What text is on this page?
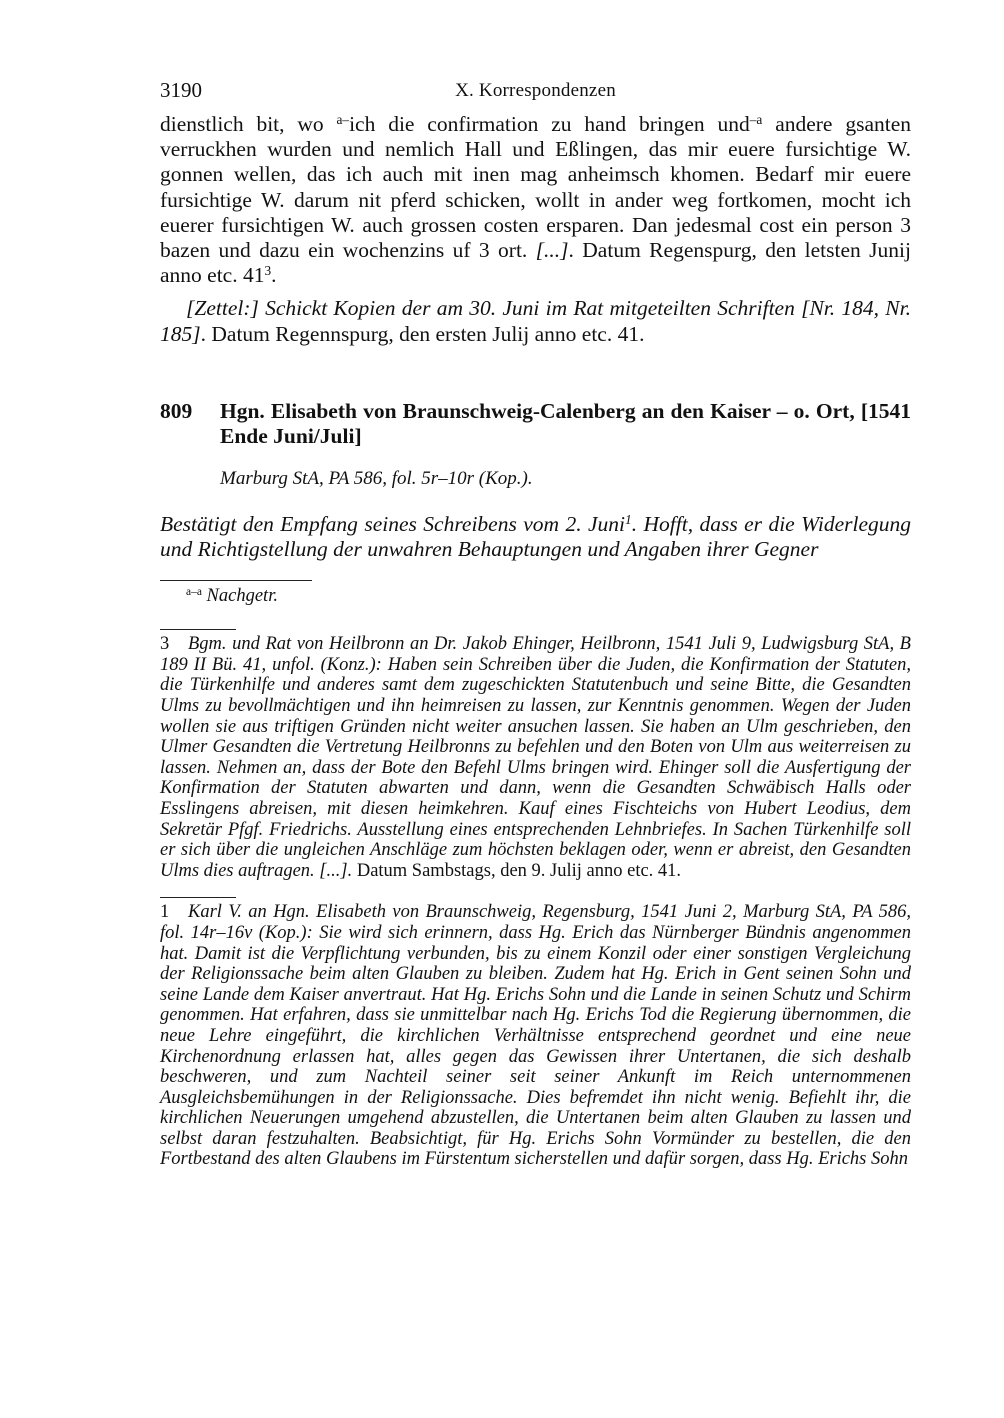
3190	X. Korrespondenzen

dienstlich bit, wo $^{a-}$ich die confirmation zu hand bringen und$^{-a}$ andere gsanten verruckhen wurden und nemlich Hall und Eßlingen, das mir euere fursichtige W. gonnen wellen, das ich auch mit inen mag anheimsch khomen. Bedarf mir euere fursichtige W. darum nit pferd schicken, wollt in ander weg fortkomen, mocht ich euerer fursichtigen W. auch grossen costen ersparen. Dan jedesmal cost ein person 3 bazen und dazu ein wochenzins uf 3 ort. [...]. Datum Regenspurg, den letsten Junij anno etc. $41^3$.

[Zettel:] Schickt Kopien der am 30. Juni im Rat mitgeteilten Schriften [Nr. 184, Nr. 185]. Datum Regennspurg, den ersten Julij anno etc. 41.

809 Hgn. Elisabeth von Braunschweig-Calenberg an den Kaiser – o. Ort, [1541 Ende Juni/Juli]
Marburg StA, PA 586, fol. 5r–10r (Kop.).
Bestätigt den Empfang seines Schreibens vom 2. Juni$^1$. Hofft, dass er die Widerlegung und Richtigstellung der unwahren Behauptungen und Angaben ihrer Gegner
$^{a-a}$ Nachgetr.

3 Bgm. und Rat von Heilbronn an Dr. Jakob Ehinger, Heilbronn, 1541 Juli 9, Ludwigsburg StA, B 189 II Bü. 41, unfol. (Konz.): Haben sein Schreiben über die Juden, die Konfirmation der Statuten, die Türkenhilfe und anderes samt dem zugeschickten Statutenbuch und seine Bitte, die Gesandten Ulms zu bevollmächtigen und ihn heimreisen zu lassen, zur Kenntnis genommen. Wegen der Juden wollen sie aus triftigen Gründen nicht weiter ansuchen lassen. Sie haben an Ulm geschrieben, den Ulmer Gesandten die Vertretung Heilbronns zu befehlen und den Boten von Ulm aus weiterreisen zu lassen. Nehmen an, dass der Bote den Befehl Ulms bringen wird. Ehinger soll die Ausfertigung der Konfirmation der Statuten abwarten und dann, wenn die Gesandten Schwäbisch Halls oder Esslingens abreisen, mit diesen heimkehren. Kauf eines Fischteichs von Hubert Leodius, dem Sekretär Pfgf. Friedrichs. Ausstellung eines entsprechenden Lehnbriefes. In Sachen Türkenhilfe soll er sich über die ungleichen Anschläge zum höchsten beklagen oder, wenn er abreist, den Gesandten Ulms dies auftragen. [...]. Datum Sambstags, den 9. Julij anno etc. 41.

1 Karl V. an Hgn. Elisabeth von Braunschweig, Regensburg, 1541 Juni 2, Marburg StA, PA 586, fol. 14r–16v (Kop.): Sie wird sich erinnern, dass Hg. Erich das Nürnberger Bündnis angenommen hat. Damit ist die Verpflichtung verbunden, bis zu einem Konzil oder einer sonstigen Vergleichung der Religionssache beim alten Glauben zu bleiben. Zudem hat Hg. Erich in Gent seinen Sohn und seine Lande dem Kaiser anvertraut. Hat Hg. Erichs Sohn und die Lande in seinen Schutz und Schirm genommen. Hat erfahren, dass sie unmittelbar nach Hg. Erichs Tod die Regierung übernommen, die neue Lehre eingeführt, die kirchlichen Verhältnisse entsprechend geordnet und eine neue Kirchenordnung erlassen hat, alles gegen das Gewissen ihrer Untertanen, die sich deshalb beschweren, und zum Nachteil seiner seit seiner Ankunft im Reich unternommenen Ausgleichsbemühungen in der Religionssache. Dies befremdet ihn nicht wenig. Befiehlt ihr, die kirchlichen Neuerungen umgehend abzustellen, die Untertanen beim alten Glauben zu lassen und selbst daran festzuhalten. Beabsichtigt, für Hg. Erichs Sohn Vormünder zu bestellen, die den Fortbestand des alten Glaubens im Fürstentum sicherstellen und dafür sorgen, dass Hg. Erichs Sohn
